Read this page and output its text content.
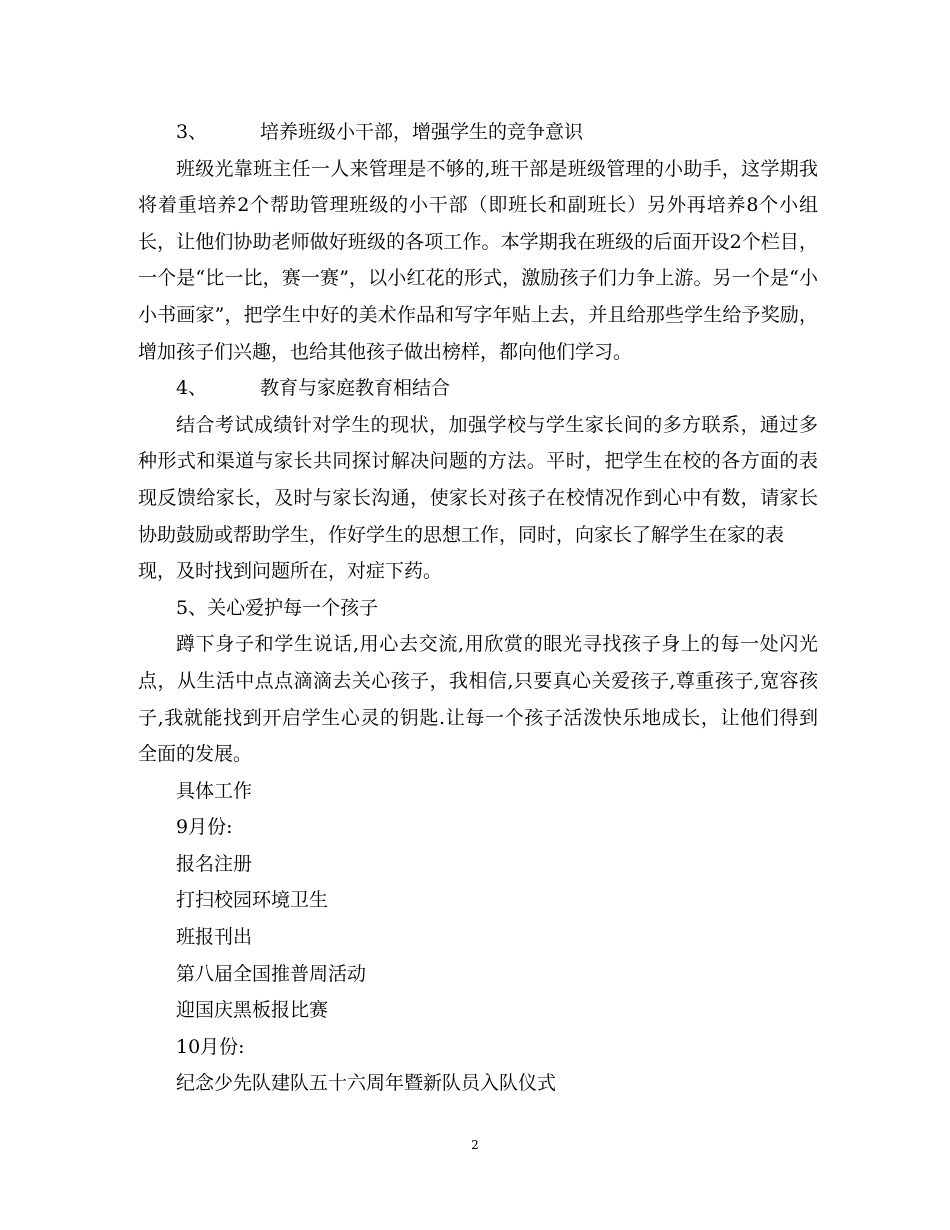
3、	培养班级小干部，增强学生的竞争意识
班级光靠班主任一人来管理是不够的,班干部是班级管理的小助手，这学期我
将着重培养2个帮助管理班级的小干部（即班长和副班长）另外再培养8个小组
长，让他们协助老师做好班级的各项工作。本学期我在班级的后面开设2个栏目，
一个是“比一比，赛一赛”，以小红花的形式，激励孩子们力争上游。另一个是“小
小书画家”，把学生中好的美术作品和写字年贴上去，并且给那些学生给予奖励，
增加孩子们兴趣，也给其他孩子做出榜样，都向他们学习。
4、	教育与家庭教育相结合
结合考试成绩针对学生的现状，加强学校与学生家长间的多方联系，通过多
种形式和渠道与家长共同探讨解决问题的方法。平时，把学生在校的各方面的表
现反馈给家长，及时与家长沟通，使家长对孩子在校情况作到心中有数，请家长
协助鼓励或帮助学生，作好学生的思想工作，同时，向家长了解学生在家的表
现，及时找到问题所在，对症下药。
5、关心爱护每一个孩子
蹲下身子和学生说话,用心去交流,用欣赏的眼光寻找孩子身上的每一处闪光
点，从生活中点点滴滴去关心孩子，我相信,只要真心关爱孩子,尊重孩子,宽容孩
子,我就能找到开启学生心灵的钥匙.让每一个孩子活泼快乐地成长，让他们得到
全面的发展。
具体工作
9月份:
报名注册
打扫校园环境卫生
班报刊出
第八届全国推普周活动
迎国庆黑板报比赛
10月份:
纪念少先队建队五十六周年暨新队员入队仪式
2
